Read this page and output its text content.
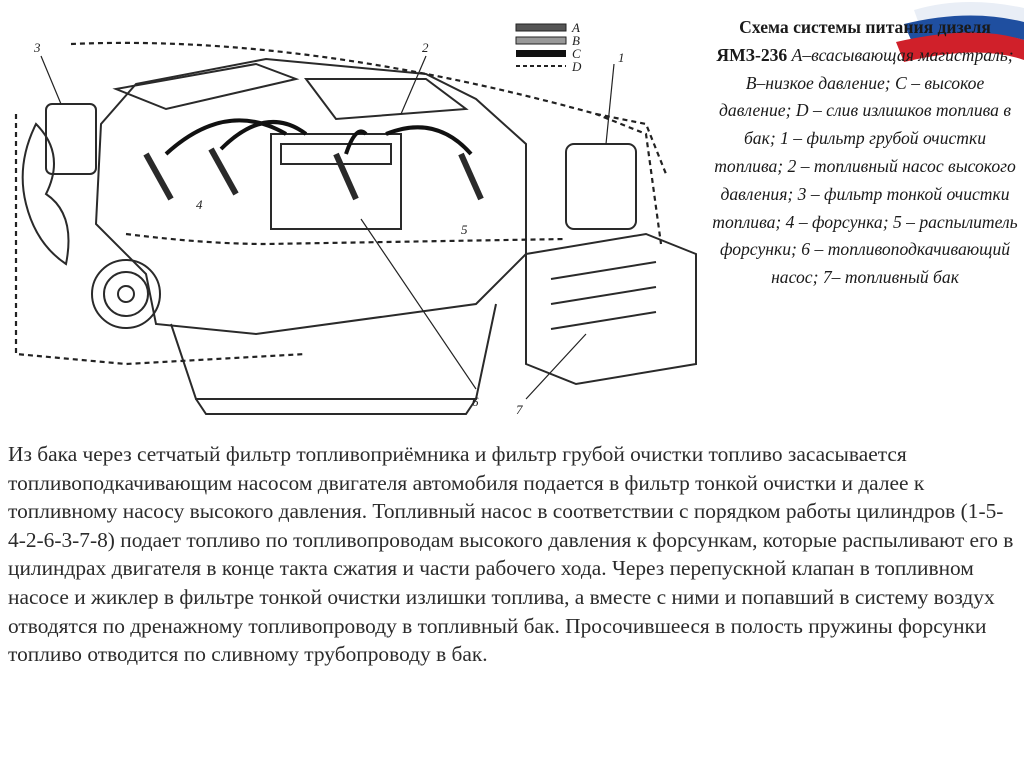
A
B
C
D
1
2
3
4
5
6
7
Схема системы питания дизеля ЯМЗ-236 А–всасывающая магистраль; В–низкое давление; С – высокое давление; D – слив излишков топлива в бак; 1 – фильтр грубой очистки топлива; 2 – топливный насос высокого давления; 3 – фильтр тонкой очистки топлива; 4 – форсунка; 5 – распылитель форсунки; 6 – топливоподкачивающий насос; 7– топливный бак
Из бака через сетчатый фильтр топливоприёмника и фильтр грубой очистки топливо засасывается топливоподкачивающим насосом двигателя автомобиля подается в фильтр тонкой очистки и далее к топливному насосу высокого давления. Топливный насос в соответствии с порядком работы цилиндров (1-5-4-2-6-3-7-8) подает топливо по топливопроводам высокого давления к форсункам, которые распыливают его в цилиндрах двигателя в конце такта сжатия и части рабочего хода. Через перепускной клапан в топливном насосе и жиклер в фильтре тонкой очистки излишки топлива, а вместе с ними и попавший в систему воздух отводятся по дренажному топливопроводу в топливный бак. Просочившееся в полость пружины форсунки топливо отводится по сливному трубопроводу в бак.
